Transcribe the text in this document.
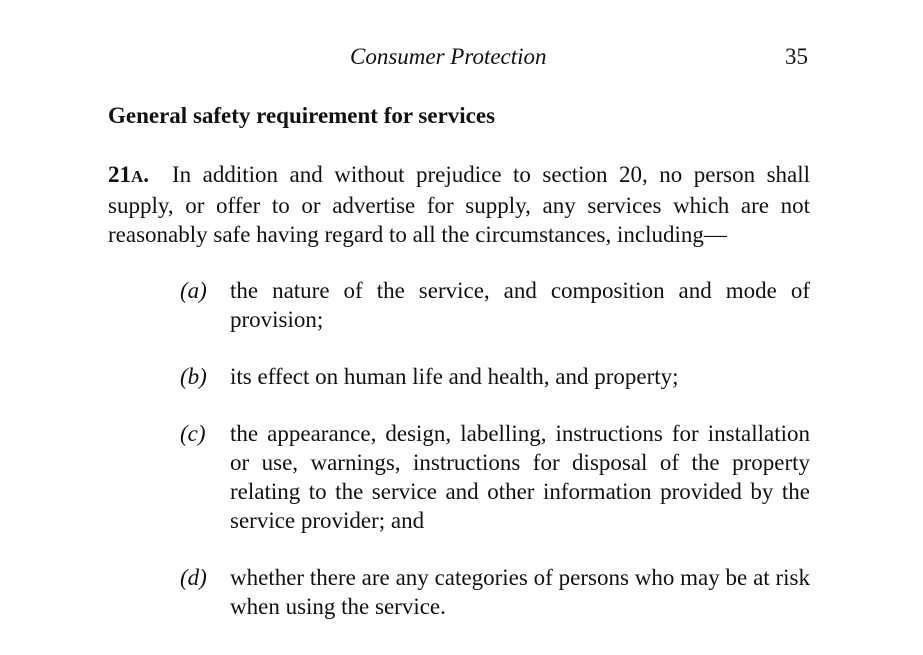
Consumer Protection	35
General safety requirement for services

21A. In addition and without prejudice to section 20, no person shall supply, or offer to or advertise for supply, any services which are not reasonably safe having regard to all the circumstances, including—

(a)	the nature of the service, and composition and mode of provision;
(b)	its effect on human life and health, and property;
(c)	the appearance, design, labelling, instructions for installation or use, warnings, instructions for disposal of the property relating to the service and other information provided by the service provider; and
(d)	whether there are any categories of persons who may be at risk when using the service.
